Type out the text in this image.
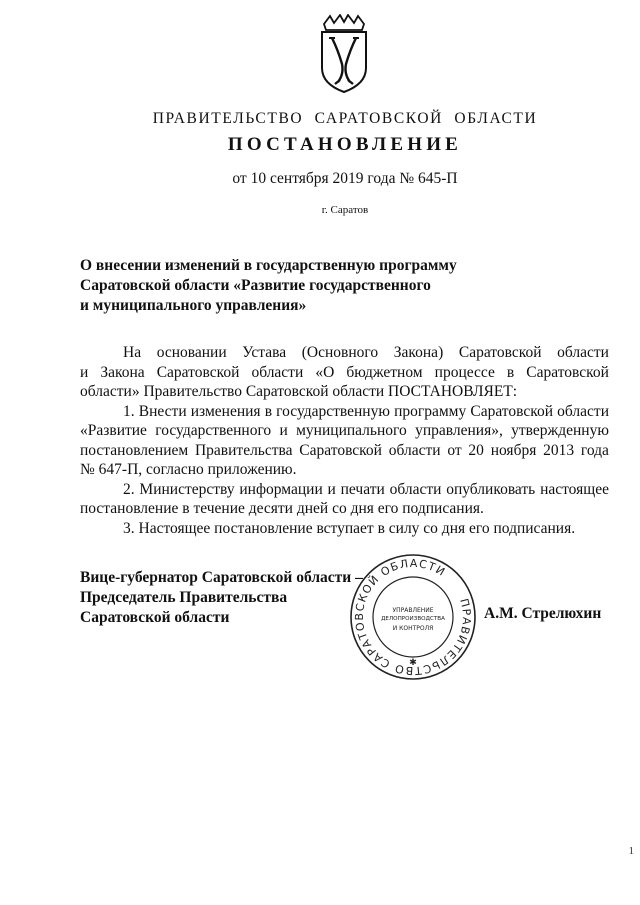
ПРАВИТЕЛЬСТВО САРАТОВСКОЙ ОБЛАСТИ
ПОСТАНОВЛЕНИЕ
от 10 сентября 2019 года № 645-П
г. Саратов
О внесении изменений в государственную программу
Саратовской области «Развитие государственного
и муниципального управления»
На основании Устава (Основного Закона) Саратовской области
и Закона Саратовской области «О бюджетном процессе в Саратовской
области» Правительство Саратовской области ПОСТАНОВЛЯЕТ:
1. Внести изменения в государственную программу Саратовской области
«Развитие государственного и муниципального управления», утвержденную
постановлением Правительства Саратовской области от 20 ноября 2013 года
№ 647-П, согласно приложению.
2. Министерству информации и печати области опубликовать настоящее
постановление в течение десяти дней со дня его подписания.
3. Настоящее постановление вступает в силу со дня его подписания.
Вице-губернатор Саратовской области –
Председатель Правительства
Саратовской области
ПРАВИТЕЛЬСТВО САРАТОВСКОЙ ОБЛАСТИ
УПРАВЛЕНИЕ
ДЕЛОПРОИЗВОДСТВА
И КОНТРОЛЯ
✱
А.М. Стрелюхин
1
